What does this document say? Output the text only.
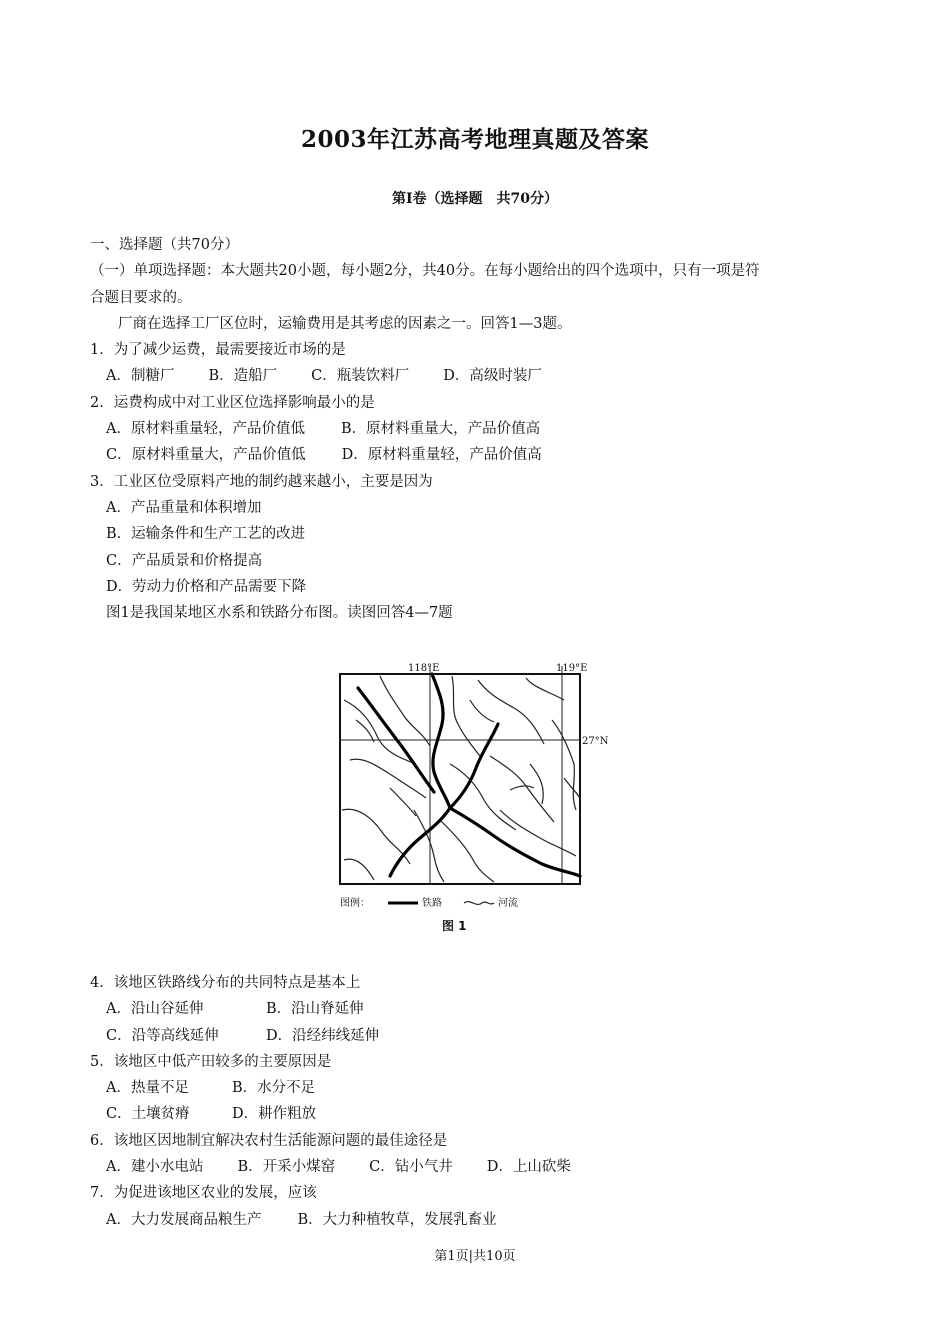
2003年江苏高考地理真题及答案
第Ⅰ卷（选择题　共70分）

一、选择题（共70分）

（一）单项选择题：本大题共20小题，每小题2分，共40分。在每小题给出的四个选项中，只有一项是符

合题目要求的。

厂商在选择工厂区位时，运输费用是其考虑的因素之一。回答1—3题。

1．为了减少运费，最需要接近市场的是

A．制糖厂 B．造船厂 C．瓶装饮料厂 D．高级时装厂

2．运费构成中对工业区位选择影响最小的是

A．原材料重量轻，产品价值低 B．原材料重量大，产品价值高

C．原材料重量大，产品价值低 D．原材料重量轻，产品价值高

3．工业区位受原料产地的制约越来越小，主要是因为

A．产品重量和体积增加

B．运输条件和生产工艺的改进

C．产品质景和价格提高

D．劳动力价格和产品需要下降

图1是我国某地区水系和铁路分布图。读图回答4—7题

118°E	119°E
27°N
图例：	铁路	河流
图 1

4．该地区铁路线分布的共同特点是基本上

A．沿山谷延伸	B．沿山脊延伸

C．沿等高线延伸	D．沿经纬线延伸

5．该地区中低产田较多的主要原因是

A．热量不足	B．水分不足

C．土壤贫瘠	D．耕作粗放

6．该地区因地制宜解决农村生活能源问题的最佳途径是

A．建小水电站 B．开采小煤窑 C．钻小气井 D．上山砍柴

7．为促进该地区农业的发展，应该

A．大力发展商品粮生产 B．大力种植牧草，发展乳畜业

第1页|共10页
